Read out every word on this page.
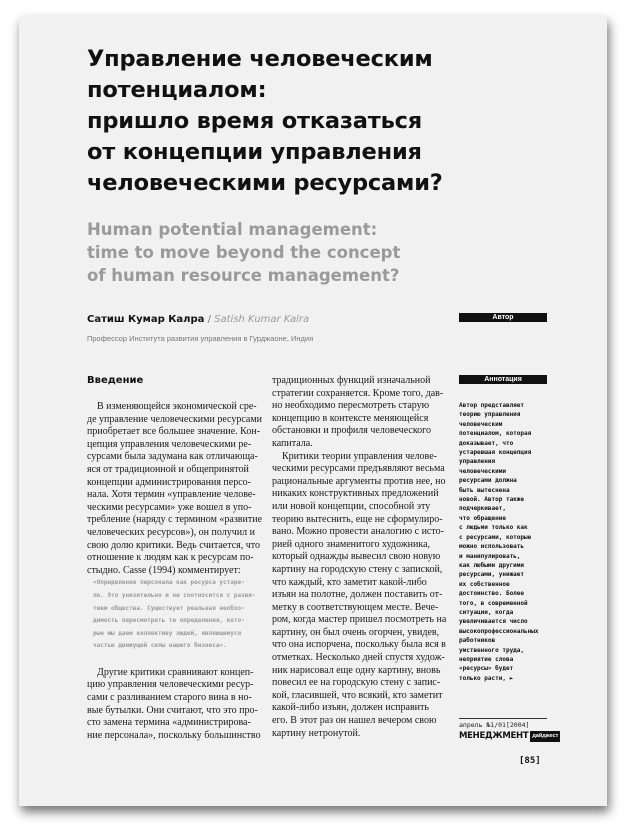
Управление человеческим
потенциалом:
пришло время отказаться
от концепции управления
человеческими ресурсами?
Human potential management:
time to move beyond the concept
of human resource management?
Сатиш Кумар Калра / Satish Kumar Kalra
Профессор Института развития управления в Гурджаоне, Индия
Автор
Аннотация
Введение
В изменяющейся экономической сре-
де управление человеческими ресурсами
приобретает все большее значение. Кон-
цепция управления человеческими ре-
сурсами была задумана как отличающа-
яся от традиционной и общепринятой
концепции администрирования персо-
нала. Хотя термин «управление челове-
ческими ресурсами» уже вошел в упо-
требление (наряду с термином «развитие
человеческих ресурсов»), он получил и
свою долю критики. Ведь считается, что
отношение к людям как к ресурсам по-
стыдно. Casse (1994) комментирует:
«Определение персонала как ресурса устаре-
ло. Это унизительно и не соотносится с разви-
тием общества. Существует реальная необхо-
димость пересмотреть те определения, кото-
рые мы даем коллективу людей, являющемуся
частью движущей силы нашего бизнеса».
Другие критики сравнивают концеп-
цию управления человеческими ресур-
сами с разливанием старого вина в но-
вые бутылки. Они считают, что это про-
сто замена термина «администрирова-
ние персонала», поскольку большинство
традиционных функций изначальной
стратегии сохраняется. Кроме того, дав-
но необходимо пересмотреть старую
концепцию в контексте меняющейся
обстановки и профиля человеческого
капитала.
Критики теории управления челове-
ческими ресурсами предъявляют весьма
рациональные аргументы против нее, но
никаких конструктивных предложений
или новой концепции, способной эту
теорию вытеснить, еще не сформулиро-
вано. Можно провести аналогию с исто-
рией одного знаменитого художника,
который однажды вывесил свою новую
картину на городскую стену с запиской,
что каждый, кто заметит какой-либо
изъян на полотне, должен поставить от-
метку в соответствующем месте. Вече-
ром, когда мастер пришел посмотреть на
картину, он был очень огорчен, увидев,
что она испорчена, поскольку была вся в
отметках. Несколько дней спустя худож-
ник нарисовал еще одну картину, вновь
повесил ее на городскую стену с запис-
кой, гласившей, что всякий, кто заметит
какой-либо изъян, должен исправить
его. В этот раз он нашел вечером свою
картину нетронутой.
Автор представляет
теорию управления
человеческим
потенциалом, которая
доказывает, что
устаревшая концепция
управления
человеческими
ресурсами должна
быть вытеснена
новой. Автор также
подчеркивает,
что обращение
с людьми только как
с ресурсами, которые
можно использовать
и манипулировать,
как любыми другими
ресурсами, унижает
их собственное
достоинство. Более
того, в современной
ситуации, когда
увеличивается число
высокопрофессиональных
работников
умственного труда,
неприятие слова
«ресурсы» будет
только расти, ►
апрель №1/01[2004]
МЕНЕДЖМЕНТ дайджест
[85]
